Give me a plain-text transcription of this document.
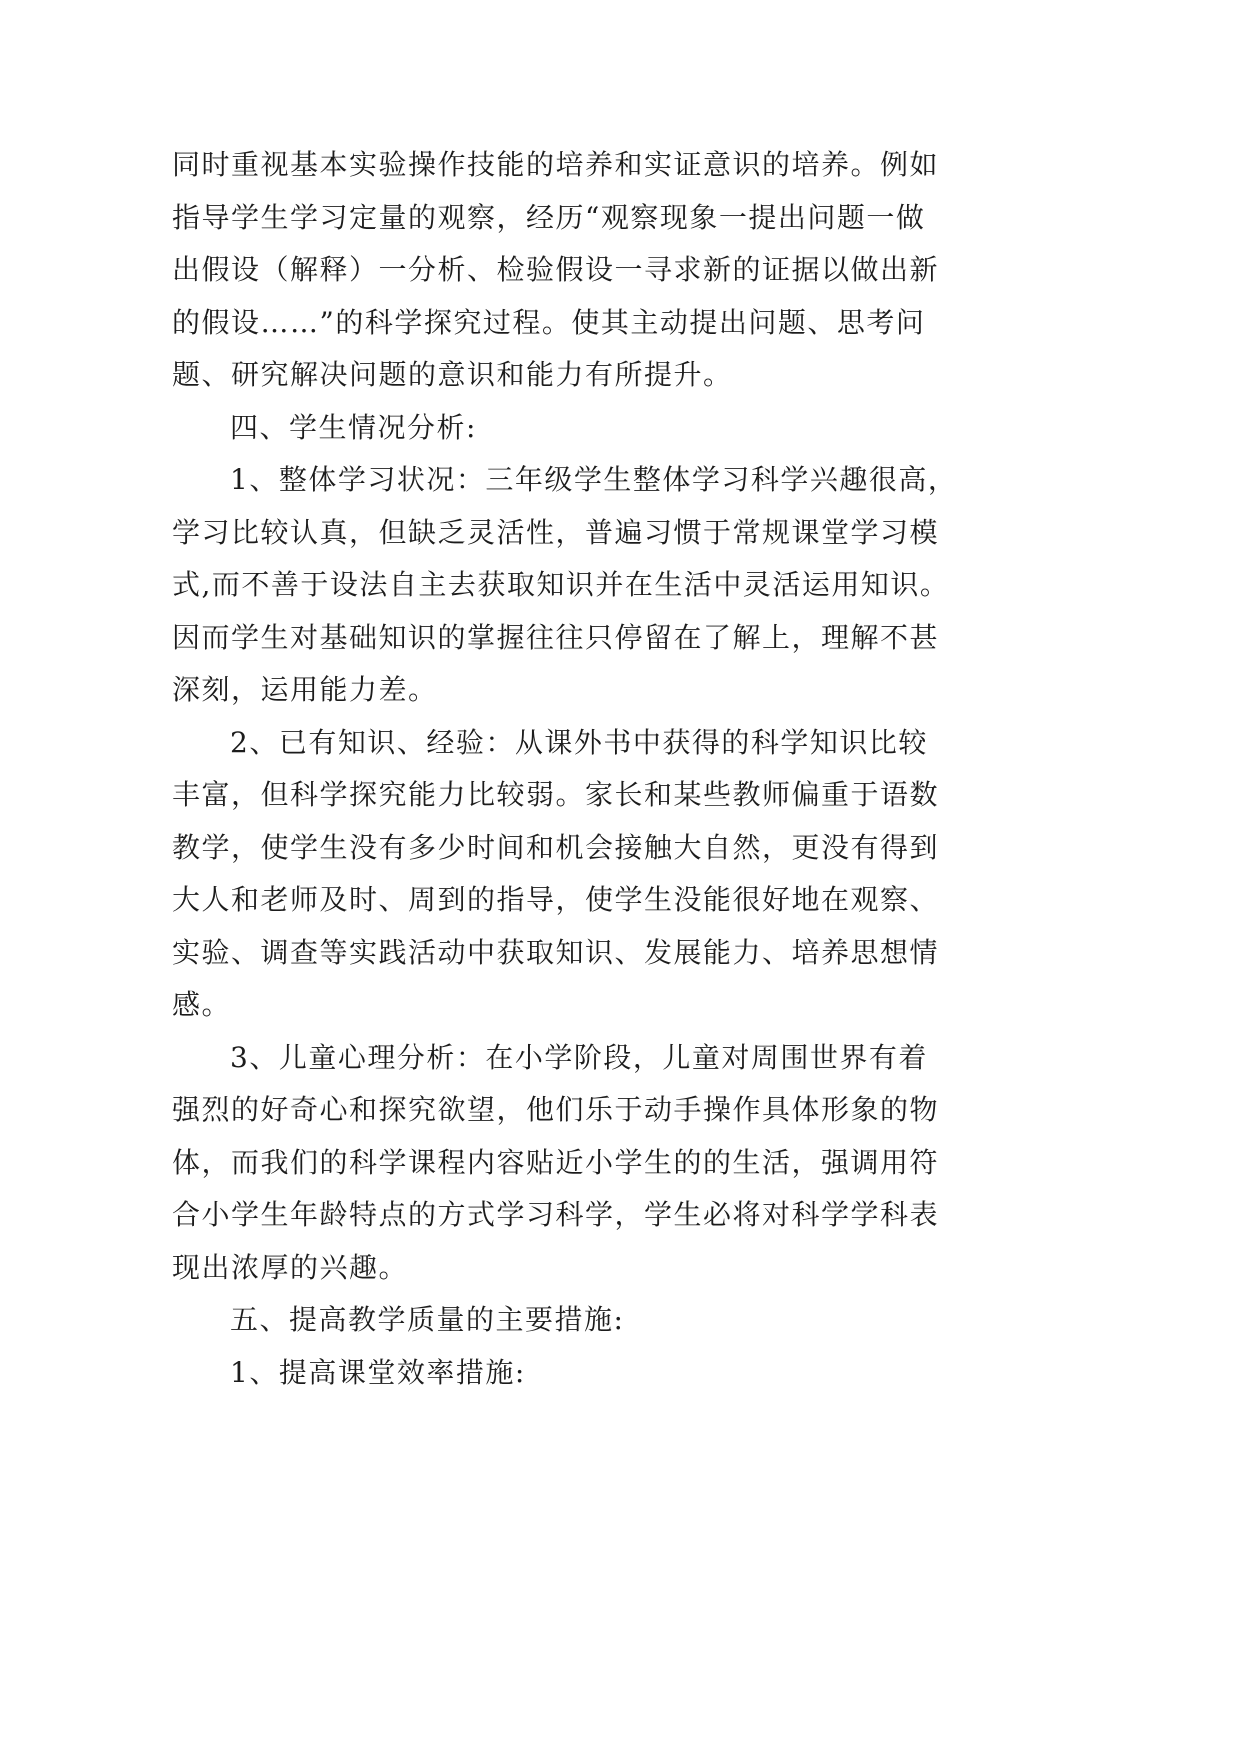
同时重视基本实验操作技能的培养和实证意识的培养。例如
指导学生学习定量的观察，经历“观察现象一提出问题一做
出假设（解释）一分析、检验假设一寻求新的证据以做出新
的假设……”的科学探究过程。使其主动提出问题、思考问
题、研究解决问题的意识和能力有所提升。
四、学生情况分析:
1、整体学习状况：三年级学生整体学习科学兴趣很高，
学习比较认真，但缺乏灵活性，普遍习惯于常规课堂学习模
式,而不善于设法自主去获取知识并在生活中灵活运用知识。
因而学生对基础知识的掌握往往只停留在了解上，理解不甚
深刻，运用能力差。
2、已有知识、经验：从课外书中获得的科学知识比较
丰富，但科学探究能力比较弱。家长和某些教师偏重于语数
教学，使学生没有多少时间和机会接触大自然，更没有得到
大人和老师及时、周到的指导，使学生没能很好地在观察、
实验、调查等实践活动中获取知识、发展能力、培养思想情
感。
3、儿童心理分析：在小学阶段，儿童对周围世界有着
强烈的好奇心和探究欲望，他们乐于动手操作具体形象的物
体，而我们的科学课程内容贴近小学生的的生活，强调用符
合小学生年龄特点的方式学习科学，学生必将对科学学科表
现出浓厚的兴趣。
五、提高教学质量的主要措施:
1、提高课堂效率措施:
